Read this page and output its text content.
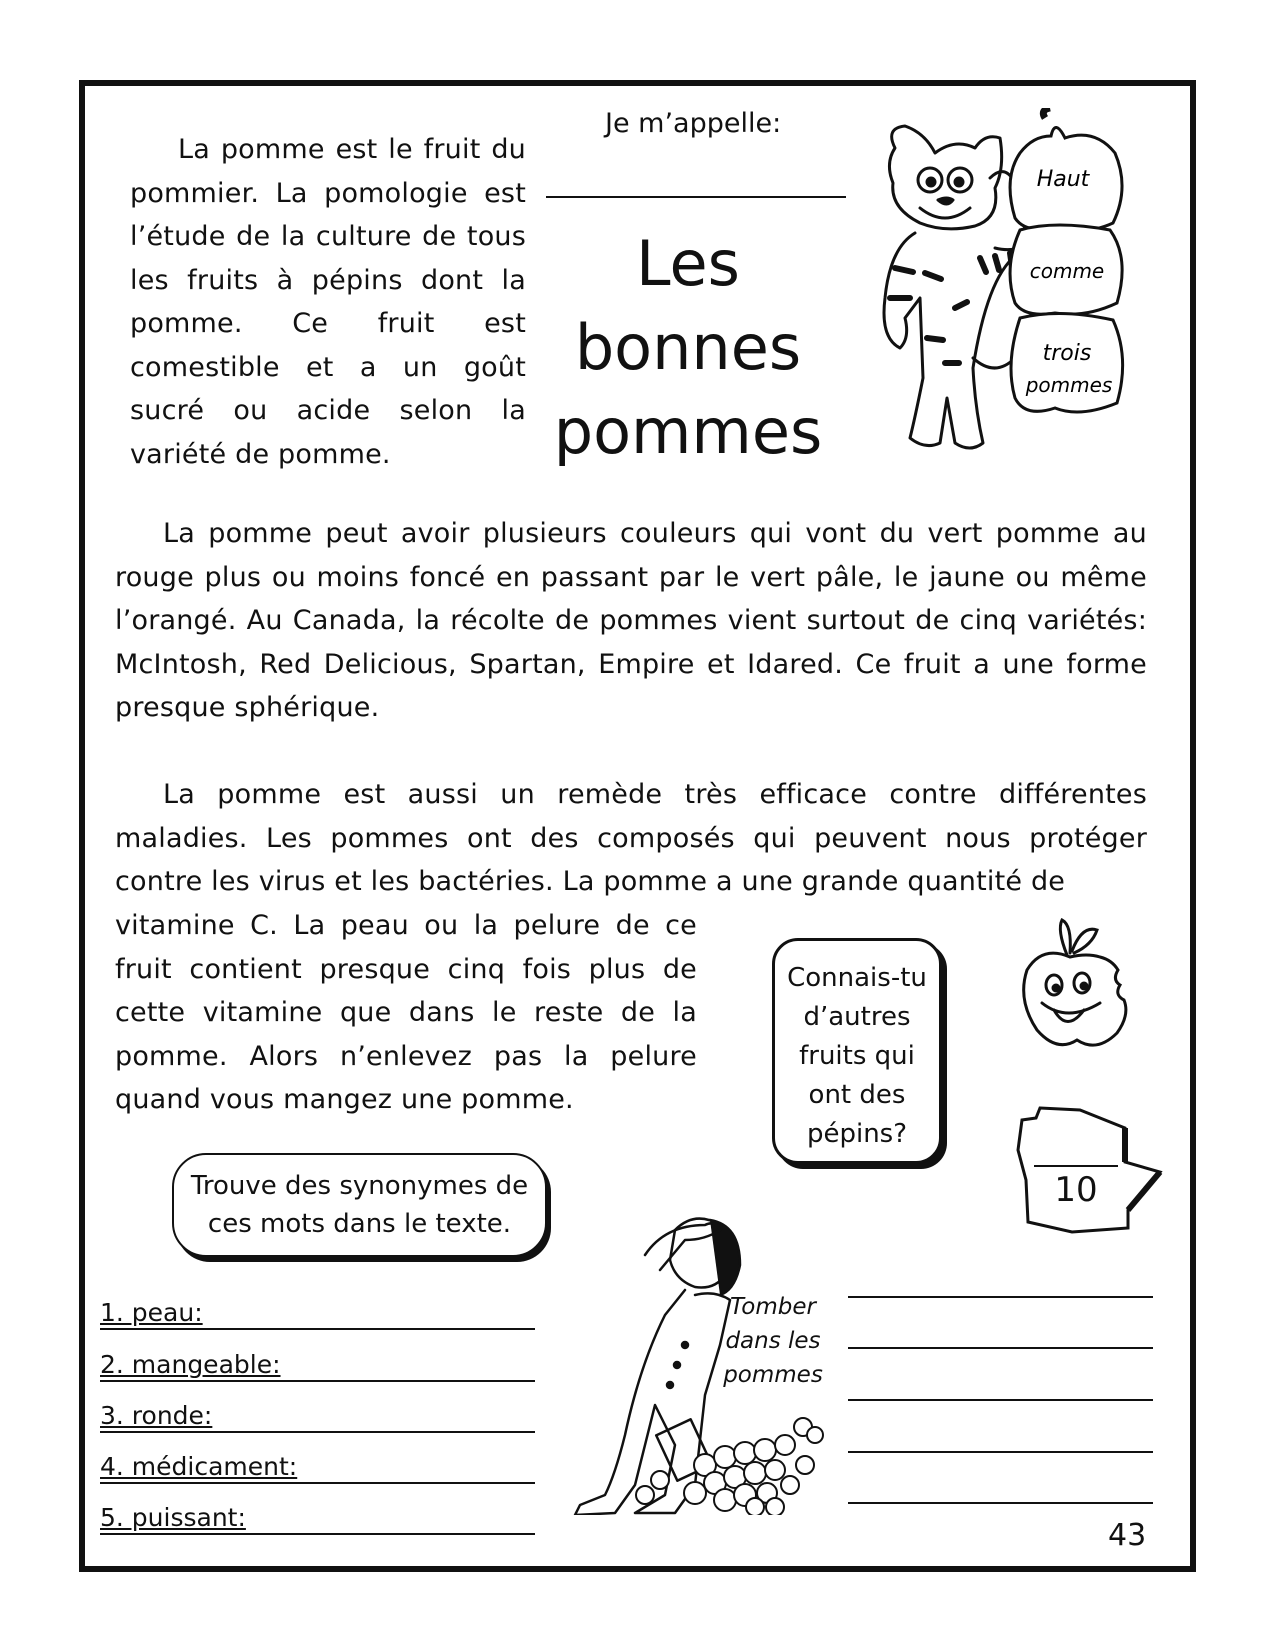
La pomme est le fruit du pommier. La pomologie est l’étude de la culture de tous les fruits à pépins dont la pomme. Ce fruit est comestible et a un goût sucré ou acide selon la variété de pomme.
Je m’appelle:
Les
bonnes
pommes
Haut
comme
trois
pommes
La pomme peut avoir plusieurs couleurs qui vont du vert pomme au rouge plus ou moins foncé en passant par le vert pâle, le jaune ou même l’orangé. Au Canada, la récolte de pommes vient surtout de cinq variétés: McIntosh, Red Delicious, Spartan, Empire et Idared. Ce fruit a une forme presque sphérique.
La pomme est aussi un remède très efficace contre différentes maladies. Les pommes ont des composés qui peuvent nous protéger contre les virus et les bactéries. La pomme a une grande quantité de
vitamine C. La peau ou la pelure de ce fruit contient presque cinq fois plus de cette vitamine que dans le reste de la pomme. Alors n’enlevez pas la pelure quand vous mangez une pomme.
Connais-tu
d’autres
fruits qui
ont des
pépins?
10
Trouve des synonymes de
ces mots dans le texte.
1. peau:
2. mangeable:
3. ronde:
4. médicament:
5. puissant:
Tomber
dans les
pommes
43
